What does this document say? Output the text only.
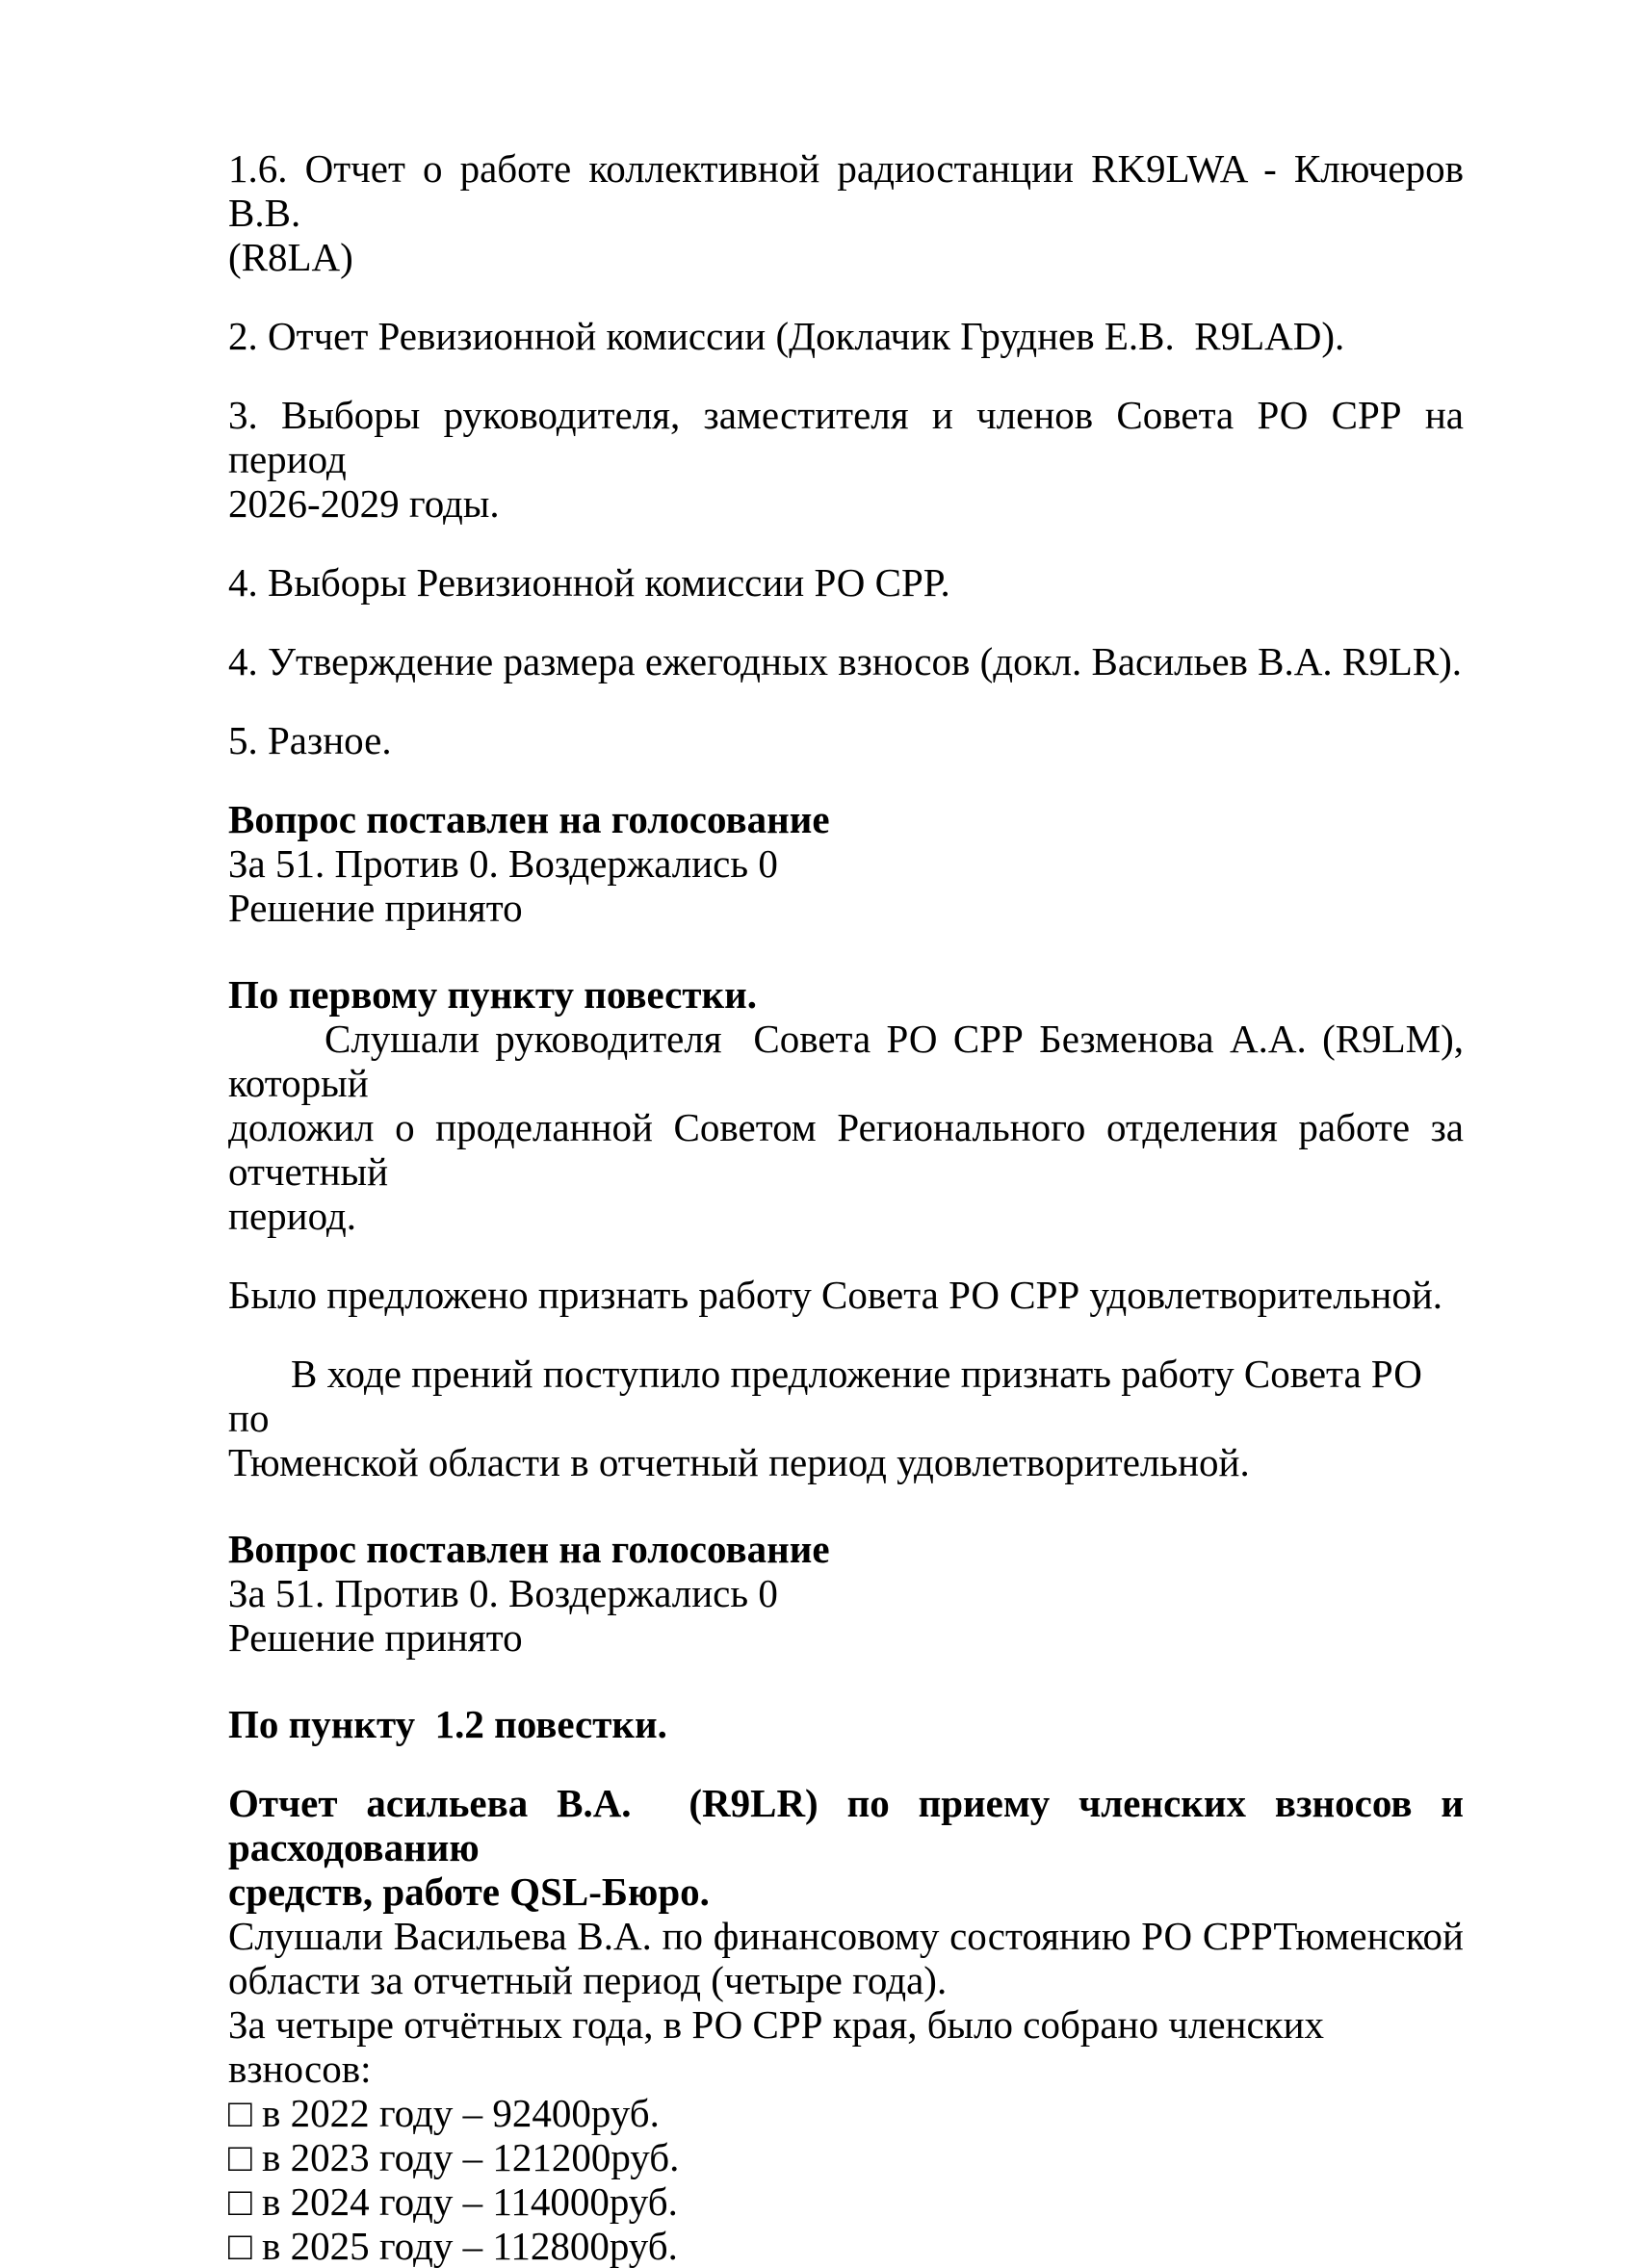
1.6. Отчет о работе коллективной радиостанции RK9LWA - Ключеров В.В.
(R8LA)
2. Отчет Ревизионной комиссии (Доклачик Груднев Е.В.  R9LAD).
3. Выборы руководителя, заместителя и членов Совета РО СРР на период
2026-2029 годы.
4. Выборы Ревизионной комиссии РО СРР.
4. Утверждение размера ежегодных взносов (докл. Васильев В.А. R9LR).
5. Разное.
Вопрос поставлен на голосование
За 51. Против 0. Воздержались 0
Решение принято
По первому пункту повестки.
Слушали руководителя  Совета РО СРР Безменова А.А. (R9LM), который
доложил о проделанной Советом Регионального отделения работе за отчетный
период.
Было предложено признать работу Совета РО СРР удовлетворительной.
В ходе прений поступило предложение признать работу Совета РО по
Тюменской области в отчетный период удовлетворительной.
Вопрос поставлен на голосование
За 51. Против 0. Воздержались 0
Решение принято
По пункту  1.2 повестки.
Отчет асильева В.А.  (R9LR) по приему членских взносов и расходованию
средств, работе QSL-Бюро.
Слушали Васильева В.А. по финансовому состоянию РО СРРТюменской
области за отчетный период (четыре года).
За четыре отчётных года, в РО СРР края, было собрано членских взносов:
□ в 2022 году – 92400руб.
□ в 2023 году – 121200руб.
□ в 2024 году – 114000руб.
□ в 2025 году – 112800руб.
